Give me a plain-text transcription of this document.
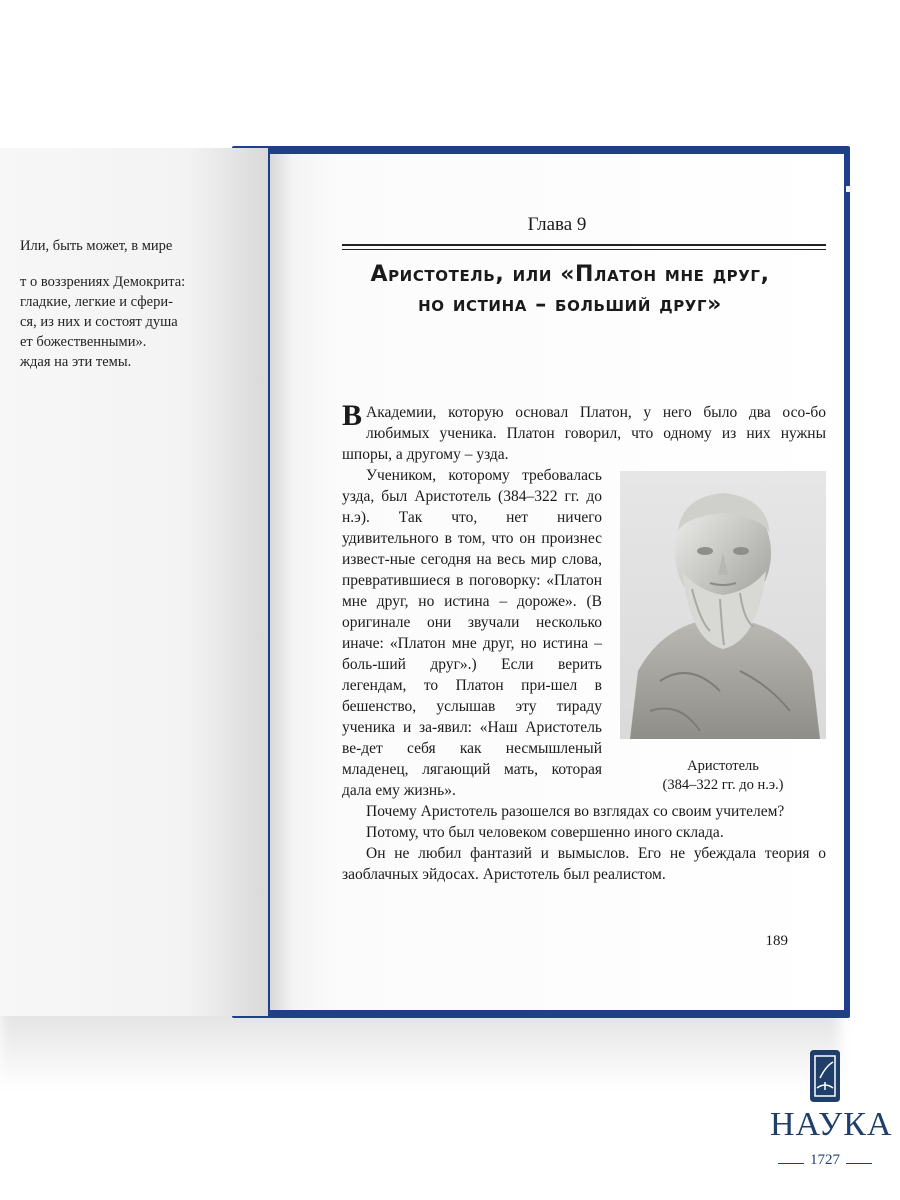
Или, быть может, в мире
т о воззрениях Демокрита:
гладкие, легкие и сфери-
ся, из них и состоят душа
ет божественными».
ждая на эти темы.
Глава 9
Аристотель, или «Платон мне друг,
но истина – больший друг»

В Академии, которую основал Платон, у него было два осо-бо любимых ученика. Платон говорил, что одному из них нужны шпоры, а другому – узда.

Аристотель
(384–322 гг. до н.э.)

Учеником, которому требовалась узда, был Аристотель (384–322 гг. до н.э). Так что, нет ничего удивительного в том, что он произнес извест-ные сегодня на весь мир слова, превратившиеся в поговорку: «Платон мне друг, но истина – дороже». (В оригинале они звучали несколько иначе: «Платон мне друг, но истина – боль-ший друг».) Если верить легендам, то Платон при-шел в бешенство, услышав эту тираду ученика и за-явил: «Наш Аристотель ве-дет себя как несмышленый младенец, лягающий мать, которая дала ему жизнь».

Почему Аристотель разошелся во взглядах со своим учителем?

Потому, что был человеком совершенно иного склада.

Он не любил фантазий и вымыслов. Его не убеждала теория о заоблачных эйдосах. Аристотель был реалистом.

189
НАУКА
1727
